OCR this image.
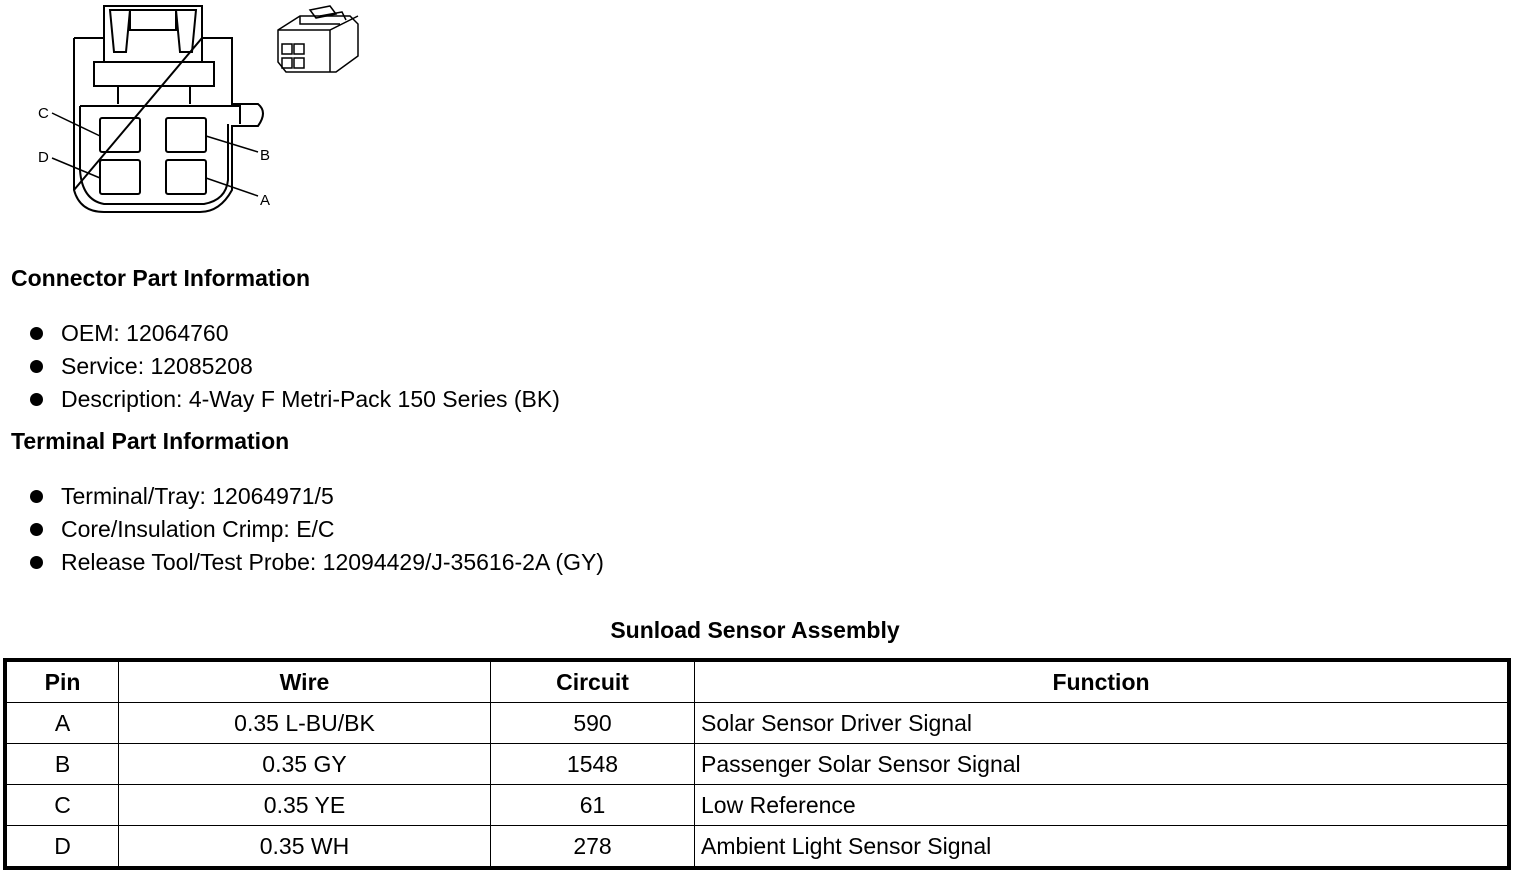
C
D	B
A
Connector Part Information
OEM: 12064760
Service: 12085208
Description: 4-Way F Metri-Pack 150 Series (BK)
Terminal Part Information
Terminal/Tray: 12064971/5
Core/Insulation Crimp: E/C
Release Tool/Test Probe: 12094429/J-35616-2A (GY)
Sunload Sensor Assembly
Pin	Wire	Circuit	Function
A	0.35 L-BU/BK	590	Solar Sensor Driver Signal
B	0.35 GY	1548	Passenger Solar Sensor Signal
C	0.35 YE	61	Low Reference
D	0.35 WH	278	Ambient Light Sensor Signal
